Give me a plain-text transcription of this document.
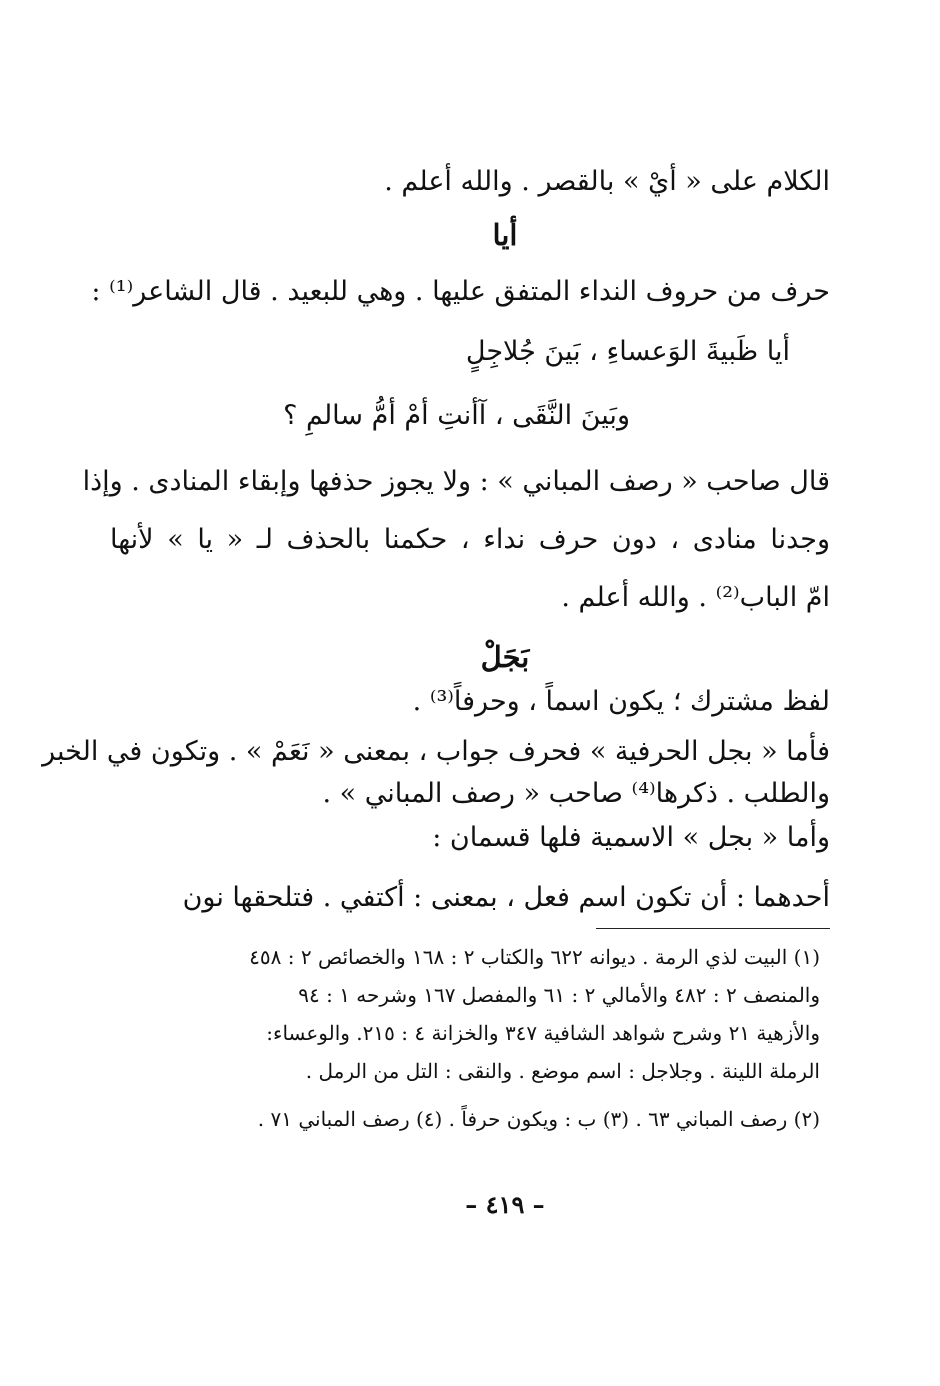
الكلام على « أيْ » بالقصر . والله أعلم .
أيا
حرف من حروف النداء المتفق عليها . وهي للبعيد . قال الشاعر⁽¹⁾ :
أيا ظَبيةَ الوَعساءِ ، بَينَ جُلاجِلٍ
وبَينَ النَّقَى ، آأنتِ أمْ أمُّ سالمِ ؟
قال صاحب « رصف المباني » : ولا يجوز حذفها وإبقاء المنادى . وإذا
وجدنا منادى ، دون حرف نداء ، حكمنا بالحذف لـ « يا » لأنها
امّ الباب⁽²⁾ . والله أعلم .
بَجَلْ
لفظ مشترك ؛ يكون اسماً ، وحرفاً⁽³⁾ .
فأما « بجل الحرفية » فحرف جواب ، بمعنى « نَعَمْ » . وتكون في الخبر
والطلب . ذكرها⁽⁴⁾ صاحب « رصف المباني » .
وأما « بجل » الاسمية فلها قسمان :
أحدهما : أن تكون اسم فعل ، بمعنى : أكتفي . فتلحقها نون
(١) البيت لذي الرمة . ديوانه ٦٢٢ والكتاب ٢ : ١٦٨ والخصائص ٢ : ٤٥٨
والمنصف ٢ : ٤٨٢ والأمالي ٢ : ٦١ والمفصل ١٦٧ وشرحه ١ : ٩٤
والأزهية ٢١ وشرح شواهد الشافية ٣٤٧ والخزانة ٤ : ٢١٥. والوعساء:
الرملة اللينة . وجلاجل : اسم موضع . والنقى : التل من الرمل .
(٢) رصف المباني ٦٣ . (٣) ب : ويكون حرفاً . (٤) رصف المباني ٧١ .
– ٤١٩ –
